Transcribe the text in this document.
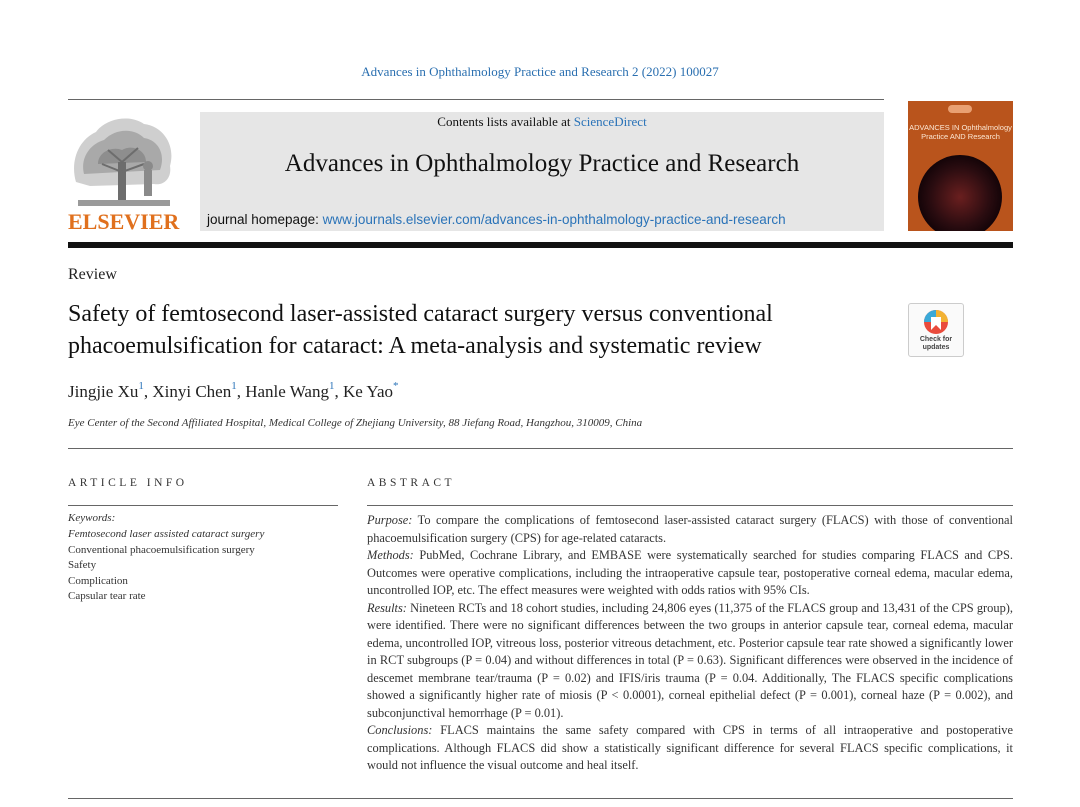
Advances in Ophthalmology Practice and Research 2 (2022) 100027
ELSEVIER
Contents lists available at ScienceDirect
Advances in Ophthalmology Practice and Research
journal homepage: www.journals.elsevier.com/advances-in-ophthalmology-practice-and-research
ADVANCES IN Ophthalmology Practice AND Research
Review
Safety of femtosecond laser-assisted cataract surgery versus conventional phacoemulsification for cataract: A meta-analysis and systematic review	Check for updates
Jingjie Xu$^1$, Xinyi Chen$^1$, Hanle Wang$^1$, Ke Yao*
Eye Center of the Second Affiliated Hospital, Medical College of Zhejiang University, 88 Jiefang Road, Hangzhou, 310009, China
ARTICLE INFO
Keywords:
Femtosecond laser assisted cataract surgery
Conventional phacoemulsification surgery
Safety
Complication
Capsular tear rate
ABSTRACT

Purpose: To compare the complications of femtosecond laser-assisted cataract surgery (FLACS) with those of conventional phacoemulsification surgery (CPS) for age-related cataracts.

Methods: PubMed, Cochrane Library, and EMBASE were systematically searched for studies comparing FLACS and CPS. Outcomes were operative complications, including the intraoperative capsule tear, postoperative corneal edema, macular edema, uncontrolled IOP, etc. The effect measures were weighted with odds ratios with 95% CIs.

Results: Nineteen RCTs and 18 cohort studies, including 24,806 eyes (11,375 of the FLACS group and 13,431 of the CPS group), were identified. There were no significant differences between the two groups in anterior capsule tear, corneal edema, macular edema, uncontrolled IOP, vitreous loss, posterior vitreous detachment, etc. Posterior capsule tear rate showed a significantly lower in RCT subgroups (P = 0.04) and without differences in total (P = 0.63). Significant differences were observed in the incidence of descemet membrane tear/trauma (P = 0.02) and IFIS/iris trauma (P = 0.04. Additionally, The FLACS specific complications showed a significantly higher rate of miosis (P < 0.0001), corneal epithelial defect (P = 0.001), corneal haze (P = 0.002), and subconjunctival hemorrhage (P = 0.01).

Conclusions: FLACS maintains the same safety compared with CPS in terms of all intraoperative and postoperative complications. Although FLACS did show a statistically significant difference for several FLACS specific complications, it would not influence the visual outcome and heal itself.
